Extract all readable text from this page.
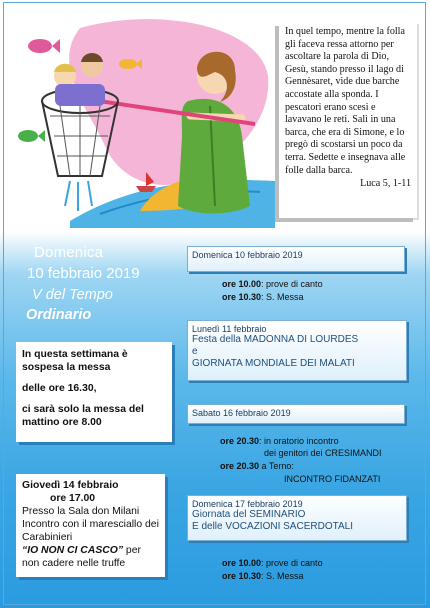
In quel tempo, mentre la folla gli faceva ressa attorno per ascoltare la parola di Dio, Gesù, stando presso il lago di Gennèsaret, vide due barche accostate alla sponda. I pescatori erano scesi e lavavano le reti. Salì in una barca, che era di Simone, e lo pregò di scostarsi un poco da terra. Sedette e insegnava alle folle dalla barca.
Luca 5, 1-11
Domenica
10 febbraio 2019
V del Tempo
Ordinario
In questa settimana è sospesa la messa
delle ore 16.30,
ci sarà solo la messa del mattino ore 8.00
Giovedì 14 febbraio
ore 17.00
Presso la Sala don Milani
Incontro con il maresciallo dei Carabinieri
“IO NON CI CASCO” per non cadere nelle truffe
Domenica 10 febbraio 2019
ore 10.00: prove di canto
ore 10.30: S. Messa
Lunedì 11 febbraio
Festa della MADONNA DI LOURDES
e
GIORNATA MONDIALE DEI MALATI
Sabato 16 febbraio 2019
ore 20.30: in oratorio incontro
dei genitori dei CRESIMANDI
ore 20.30 a Terno:
INCONTRO FIDANZATI
Domenica 17 febbraio 2019
Giornata del SEMINARIO
E delle VOCAZIONI SACERDOTALI
ore 10.00: prove di canto
ore 10.30: S. Messa
